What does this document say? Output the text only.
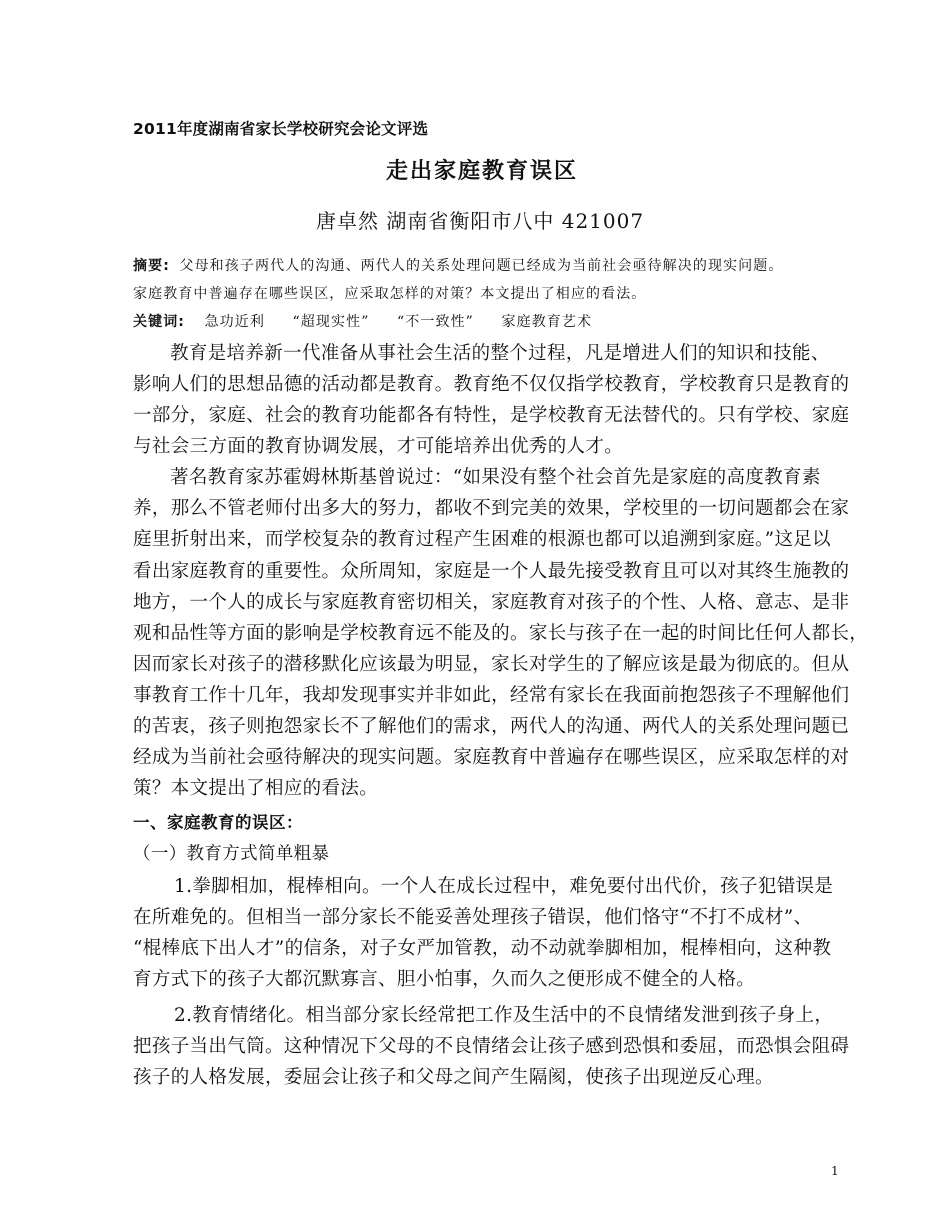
2011年度湖南省家长学校研究会论文评选
走出家庭教育误区
唐卓然 湖南省衡阳市八中 421007
摘要: 父母和孩子两代人的沟通、两代人的关系处理问题已经成为当前社会亟待解决的现实问题。
家庭教育中普遍存在哪些误区，应采取怎样的对策？本文提出了相应的看法。
关键词: 急功近利 “超现实性” “不一致性” 家庭教育艺术
教育是培养新一代准备从事社会生活的整个过程，凡是增进人们的知识和技能、
影响人们的思想品德的活动都是教育。教育绝不仅仅指学校教育，学校教育只是教育的
一部分，家庭、社会的教育功能都各有特性，是学校教育无法替代的。只有学校、家庭
与社会三方面的教育协调发展，才可能培养出优秀的人才。
著名教育家苏霍姆林斯基曾说过：“如果没有整个社会首先是家庭的高度教育素
养，那么不管老师付出多大的努力，都收不到完美的效果，学校里的一切问题都会在家
庭里折射出来，而学校复杂的教育过程产生困难的根源也都可以追溯到家庭。”这足以
看出家庭教育的重要性。众所周知，家庭是一个人最先接受教育且可以对其终生施教的
地方，一个人的成长与家庭教育密切相关，家庭教育对孩子的个性、人格、意志、是非
观和品性等方面的影响是学校教育远不能及的。家长与孩子在一起的时间比任何人都长，
因而家长对孩子的潜移默化应该最为明显，家长对学生的了解应该是最为彻底的。但从
事教育工作十几年，我却发现事实并非如此，经常有家长在我面前抱怨孩子不理解他们
的苦衷，孩子则抱怨家长不了解他们的需求，两代人的沟通、两代人的关系处理问题已
经成为当前社会亟待解决的现实问题。家庭教育中普遍存在哪些误区，应采取怎样的对
策？本文提出了相应的看法。
一、家庭教育的误区：
（一）教育方式简单粗暴
1.拳脚相加，棍棒相向。一个人在成长过程中，难免要付出代价，孩子犯错误是
在所难免的。但相当一部分家长不能妥善处理孩子错误，他们恪守“不打不成材”、
“棍棒底下出人才”的信条，对子女严加管教，动不动就拳脚相加，棍棒相向，这种教
育方式下的孩子大都沉默寡言、胆小怕事，久而久之便形成不健全的人格。
2.教育情绪化。相当部分家长经常把工作及生活中的不良情绪发泄到孩子身上，
把孩子当出气筒。这种情况下父母的不良情绪会让孩子感到恐惧和委屈，而恐惧会阻碍
孩子的人格发展，委屈会让孩子和父母之间产生隔阂，使孩子出现逆反心理。
1
